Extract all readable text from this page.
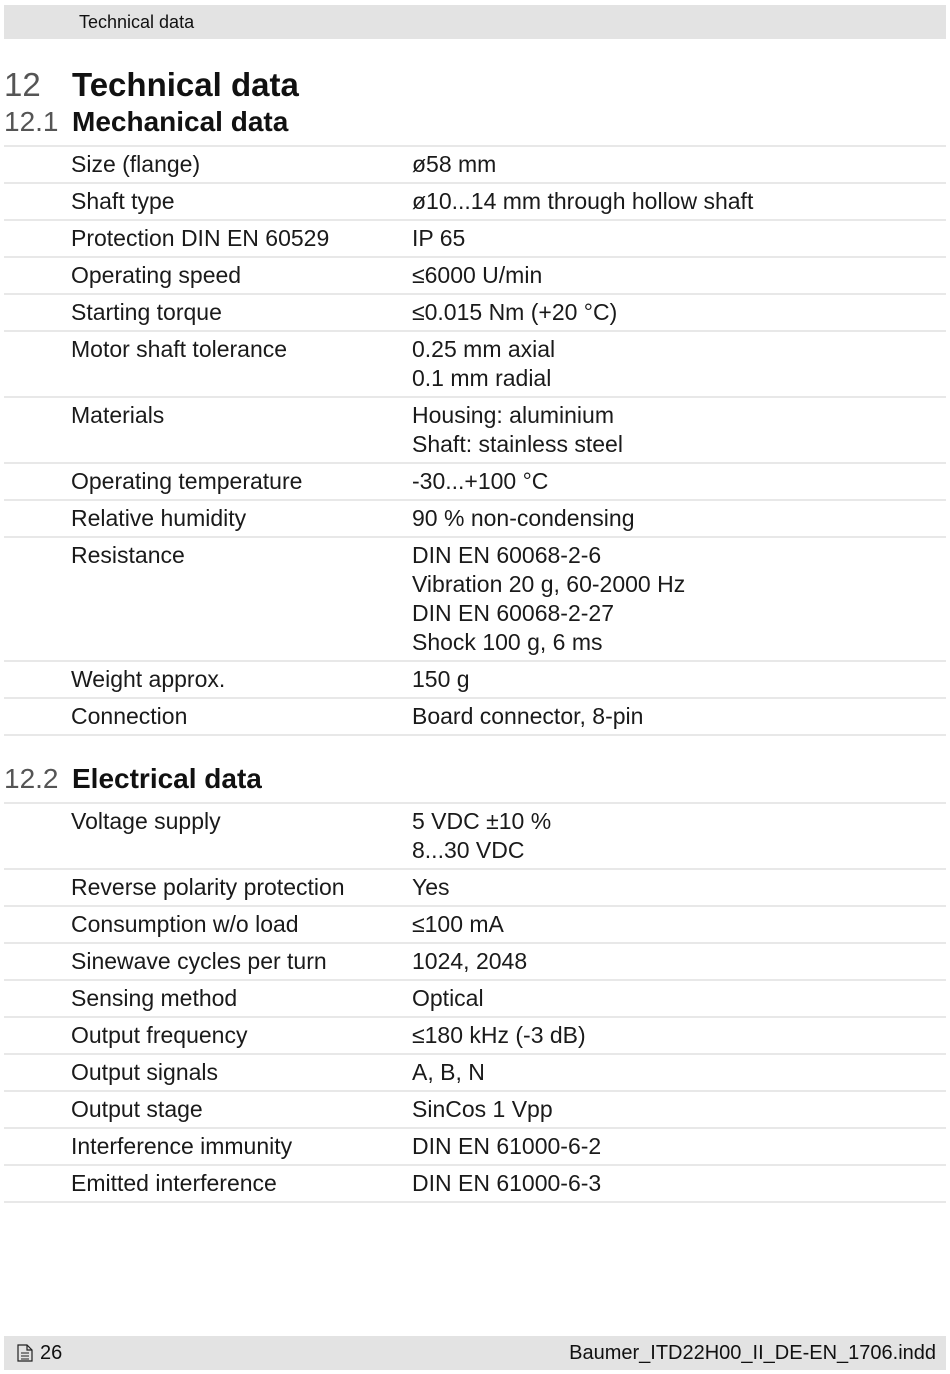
Technical data
12 Technical data
12.1 Mechanical data
Size (flange)	ø58 mm
Shaft type	ø10...14 mm through hollow shaft
Protection DIN EN 60529	IP 65
Operating speed	≤6000 U/min
Starting torque	≤0.015 Nm (+20 °C)
Motor shaft tolerance	0.25 mm axial
0.1 mm radial
Materials	Housing: aluminium
Shaft: stainless steel
Operating temperature	-30...+100 °C
Relative humidity	90 % non-condensing
Resistance	DIN EN 60068-2-6
Vibration 20 g, 60-2000 Hz
DIN EN 60068-2-27
Shock 100 g, 6 ms
Weight approx.	150 g
Connection	Board connector, 8-pin
12.2 Electrical data
Voltage supply	5 VDC ±10 %
8...30 VDC
Reverse polarity protection	Yes
Consumption w/o load	≤100 mA
Sinewave cycles per turn	1024, 2048
Sensing method	Optical
Output frequency	≤180 kHz (-3 dB)
Output signals	A, B, N
Output stage	SinCos 1 Vpp
Interference immunity	DIN EN 61000-6-2
Emitted interference	DIN EN 61000-6-3
26	Baumer_ITD22H00_II_DE-EN_1706.indd
